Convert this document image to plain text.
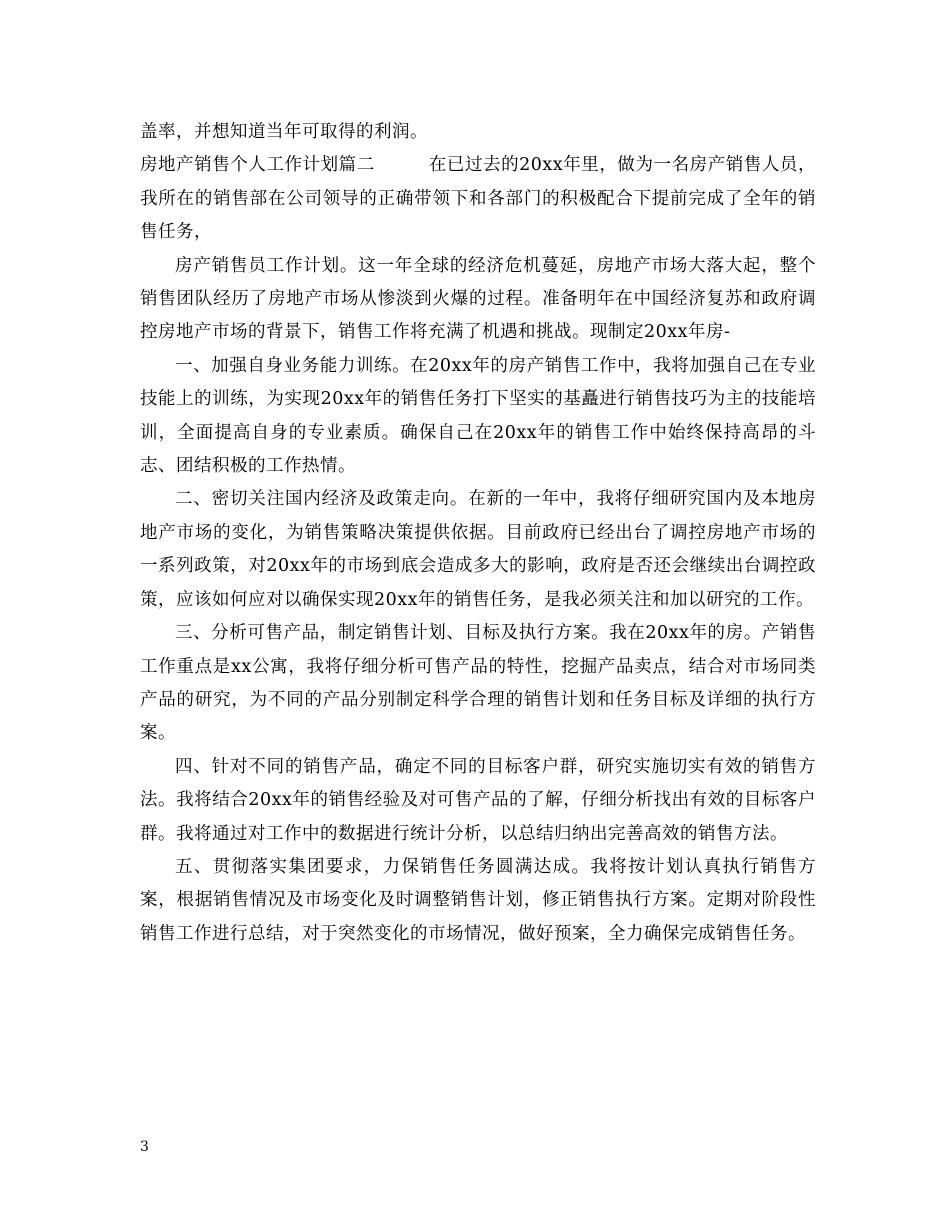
盖率，并想知道当年可取得的利润。

房地产销售个人工作计划篇二	在已过去的20xx年里，做为一名房产销售人员，我所在的销售部在公司领导的正确带领下和各部门的积极配合下提前完成了全年的销售任务，

房产销售员工作计划。这一年全球的经济危机蔓延，房地产市场大落大起，整个销售团队经历了房地产市场从惨淡到火爆的过程。准备明年在中国经济复苏和政府调控房地产市场的背景下，销售工作将充满了机遇和挑战。现制定20xx年房-

一、加强自身业务能力训练。在20xx年的房产销售工作中，我将加强自己在专业技能上的训练，为实现20xx年的销售任务打下坚实的基矗进行销售技巧为主的技能培训，全面提高自身的专业素质。确保自己在20xx年的销售工作中始终保持高昂的斗志、团结积极的工作热情。

二、密切关注国内经济及政策走向。在新的一年中，我将仔细研究国内及本地房地产市场的变化，为销售策略决策提供依据。目前政府已经出台了调控房地产市场的一系列政策，对20xx年的市场到底会造成多大的影响，政府是否还会继续出台调控政策，应该如何应对以确保实现20xx年的销售任务，是我必须关注和加以研究的工作。

三、分析可售产品，制定销售计划、目标及执行方案。我在20xx年的房。产销售工作重点是xx公寓，我将仔细分析可售产品的特性，挖掘产品卖点，结合对市场同类产品的研究，为不同的产品分别制定科学合理的销售计划和任务目标及详细的执行方案。

四、针对不同的销售产品，确定不同的目标客户群，研究实施切实有效的销售方法。我将结合20xx年的销售经验及对可售产品的了解，仔细分析找出有效的目标客户群。我将通过对工作中的数据进行统计分析，以总结归纳出完善高效的销售方法。

五、贯彻落实集团要求，力保销售任务圆满达成。我将按计划认真执行销售方案，根据销售情况及市场变化及时调整销售计划，修正销售执行方案。定期对阶段性销售工作进行总结，对于突然变化的市场情况，做好预案，全力确保完成销售任务。

3
